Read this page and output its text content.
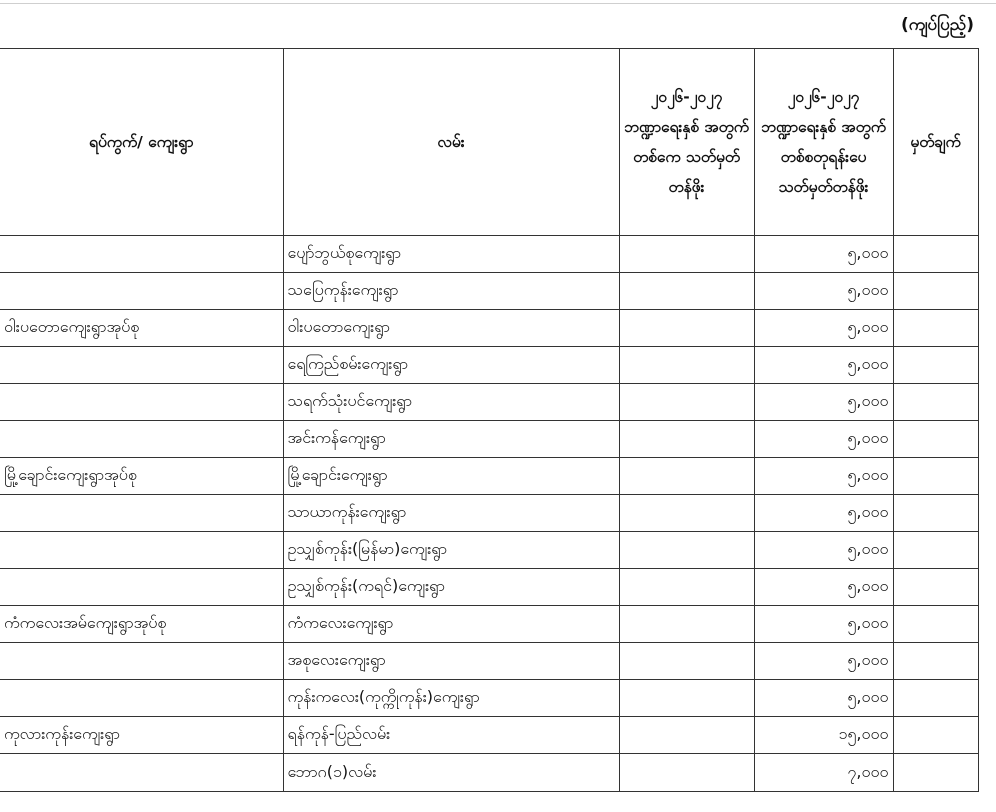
(ကျပ်ပြည့်)
ရပ်ကွက်/ ကျေးရွာ	လမ်း	၂၀၂၆-၂၀၂၇ ဘဏ္ဍာရေးနှစ် အတွက် တစ်ကေ သတ်မှတ်တန်ဖိုး	၂၀၂၆-၂၀၂၇ ဘဏ္ဍာရေးနှစ် အတွက် တစ်စတုရန်းပေ သတ်မှတ်တန်ဖိုး	မှတ်ချက်
	ပျော်ဘွယ်စုကျေးရွာ		၅,၀၀၀	
	သပြေကုန်းကျေးရွာ		၅,၀၀၀	
ဝါးပတောကျေးရွာအုပ်စု	ဝါးပတောကျေးရွာ		၅,၀၀၀	
	ရေကြည်စမ်းကျေးရွာ		၅,၀၀၀	
	သရက်သုံးပင်ကျေးရွာ		၅,၀၀၀	
	အင်းကန်ကျေးရွာ		၅,၀၀၀	
မြို့ချောင်းကျေးရွာအုပ်စု	မြို့ချောင်းကျေးရွာ		၅,၀၀၀	
	သာယာကုန်းကျေးရွာ		၅,၀၀၀	
	ဥသျှစ်ကုန်း(မြန်မာ)ကျေးရွာ		၅,၀၀၀	
	ဥသျှစ်ကုန်း(ကရင်)ကျေးရွာ		၅,၀၀၀	
ကံကလေးအမ်ကျေးရွာအုပ်စု	ကံကလေးကျေးရွာ		၅,၀၀၀	
	အစုလေးကျေးရွာ		၅,၀၀၀	
	ကုန်းကလေး(ကုက္ကိုကုန်း)ကျေးရွာ		၅,၀၀၀	
ကုလားကုန်းကျေးရွာ	ရန်ကုန်-ပြည်လမ်း		၁၅,၀၀၀	
	ဘောဂ(၁)လမ်း		၇,၀၀၀	
